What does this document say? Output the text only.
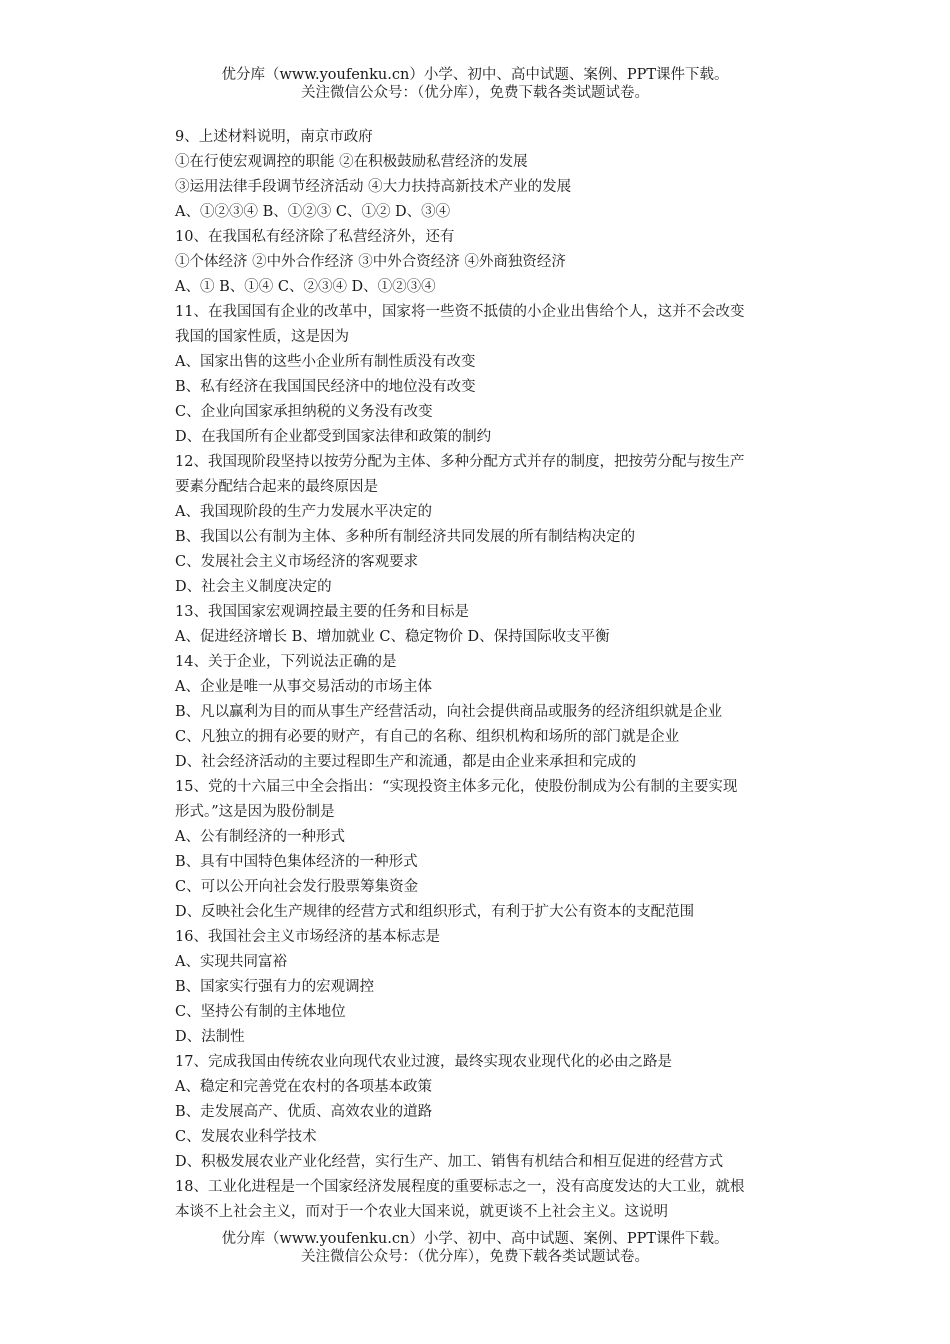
优分库（www.youfenku.cn）小学、初中、高中试题、案例、PPT课件下载。
关注微信公众号：（优分库），免费下载各类试题试卷。
9、上述材料说明，南京市政府
①在行使宏观调控的职能 ②在积极鼓励私营经济的发展
③运用法律手段调节经济活动 ④大力扶持高新技术产业的发展
A、①②③④ B、①②③ C、①② D、③④
10、在我国私有经济除了私营经济外，还有
①个体经济 ②中外合作经济 ③中外合资经济 ④外商独资经济
A、① B、①④ C、②③④ D、①②③④
11、在我国国有企业的改革中，国家将一些资不抵债的小企业出售给个人，这并不会改变
我国的国家性质，这是因为
A、国家出售的这些小企业所有制性质没有改变
B、私有经济在我国国民经济中的地位没有改变
C、企业向国家承担纳税的义务没有改变
D、在我国所有企业都受到国家法律和政策的制约
12、我国现阶段坚持以按劳分配为主体、多种分配方式并存的制度，把按劳分配与按生产
要素分配结合起来的最终原因是
A、我国现阶段的生产力发展水平决定的
B、我国以公有制为主体、多种所有制经济共同发展的所有制结构决定的
C、发展社会主义市场经济的客观要求
D、社会主义制度决定的
13、我国国家宏观调控最主要的任务和目标是
A、促进经济增长 B、增加就业 C、稳定物价 D、保持国际收支平衡
14、关于企业，下列说法正确的是
A、企业是唯一从事交易活动的市场主体
B、凡以赢利为目的而从事生产经营活动，向社会提供商品或服务的经济组织就是企业
C、凡独立的拥有必要的财产，有自己的名称、组织机构和场所的部门就是企业
D、社会经济活动的主要过程即生产和流通，都是由企业来承担和完成的
15、党的十六届三中全会指出：“实现投资主体多元化，使股份制成为公有制的主要实现
形式。”这是因为股份制是
A、公有制经济的一种形式
B、具有中国特色集体经济的一种形式
C、可以公开向社会发行股票筹集资金
D、反映社会化生产规律的经营方式和组织形式，有利于扩大公有资本的支配范围
16、我国社会主义市场经济的基本标志是
A、实现共同富裕
B、国家实行强有力的宏观调控
C、坚持公有制的主体地位
D、法制性
17、完成我国由传统农业向现代农业过渡，最终实现农业现代化的必由之路是
A、稳定和完善党在农村的各项基本政策
B、走发展高产、优质、高效农业的道路
C、发展农业科学技术
D、积极发展农业产业化经营，实行生产、加工、销售有机结合和相互促进的经营方式
18、工业化进程是一个国家经济发展程度的重要标志之一，没有高度发达的大工业，就根
本谈不上社会主义，而对于一个农业大国来说，就更谈不上社会主义。这说明
优分库（www.youfenku.cn）小学、初中、高中试题、案例、PPT课件下载。
关注微信公众号：（优分库），免费下载各类试题试卷。
